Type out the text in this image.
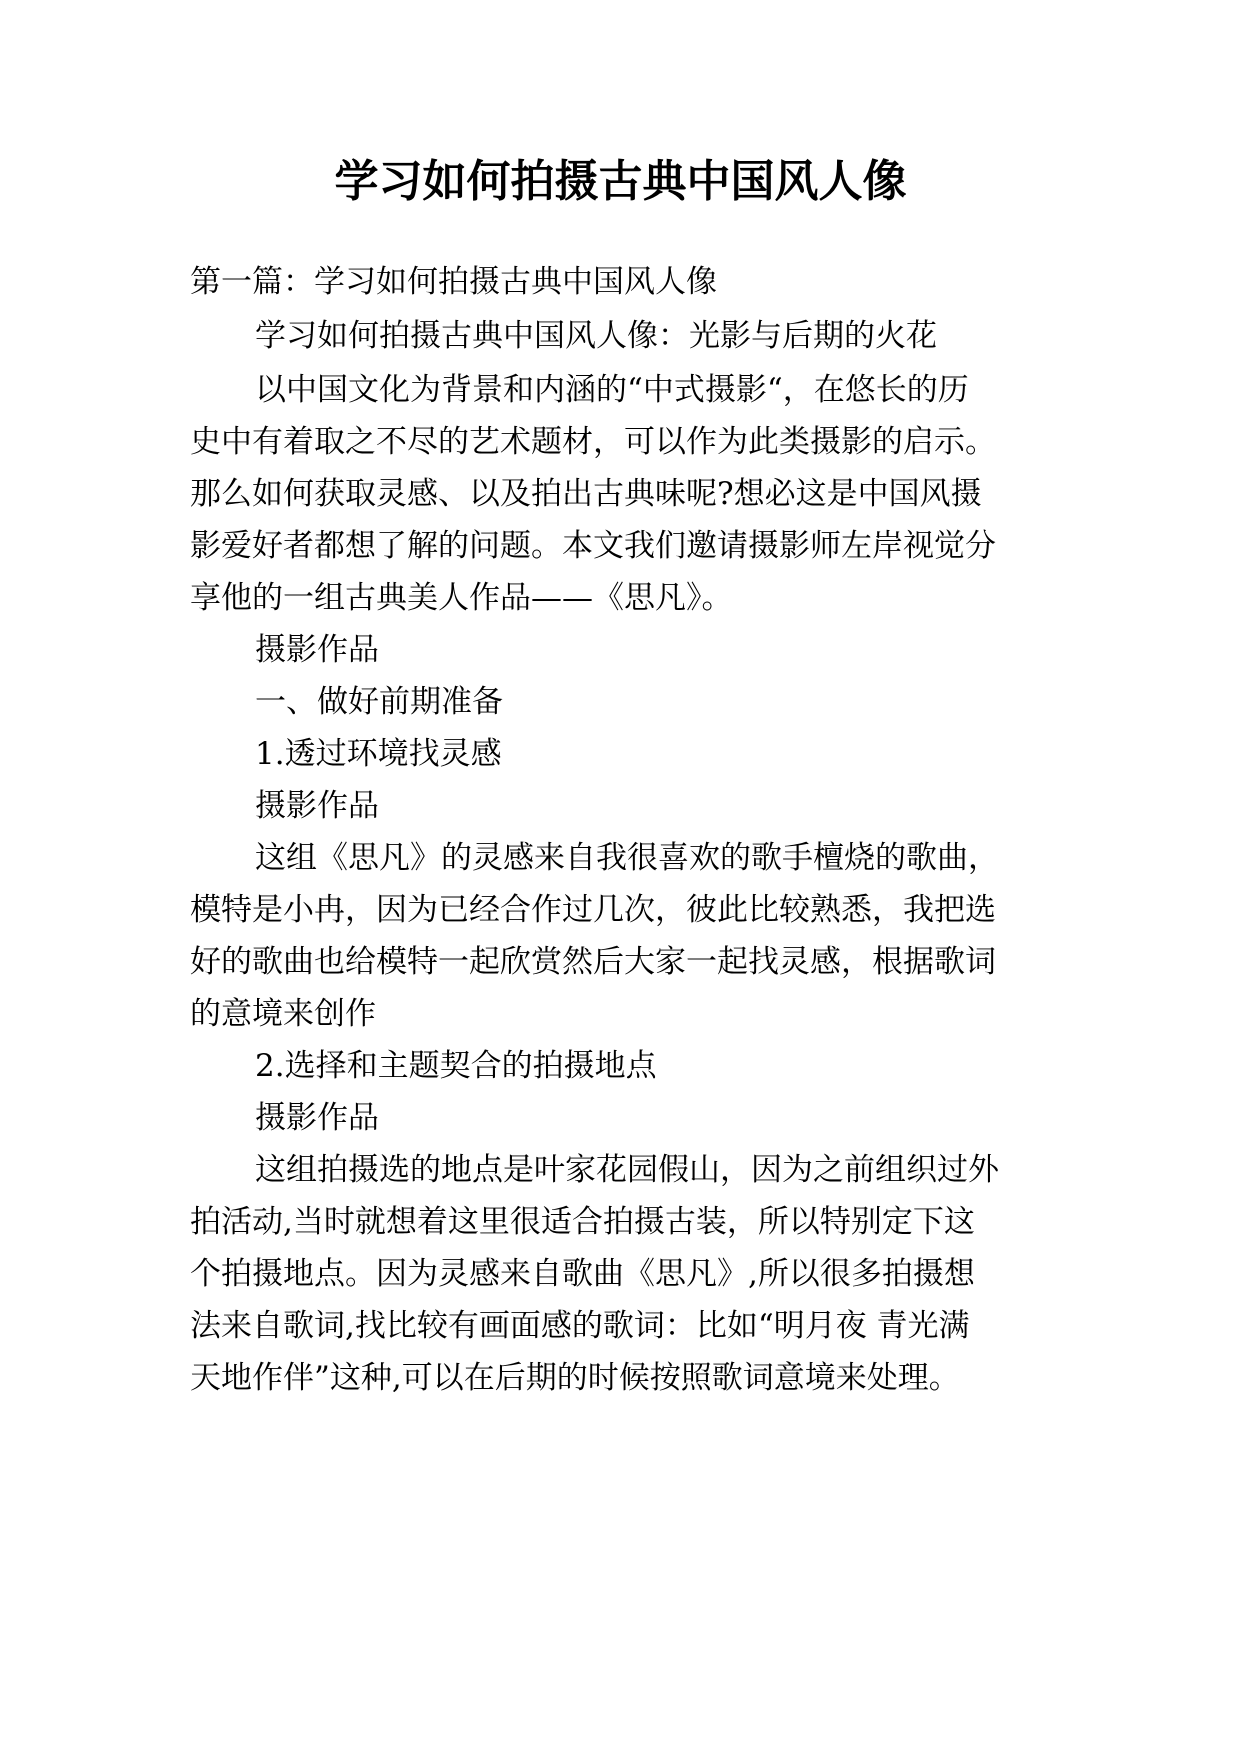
学习如何拍摄古典中国风人像

第一篇：学习如何拍摄古典中国风人像

学习如何拍摄古典中国风人像：光影与后期的火花

以中国文化为背景和内涵的“中式摄影“，在悠长的历

史中有着取之不尽的艺术题材，可以作为此类摄影的启示。

那么如何获取灵感、以及拍出古典味呢?想必这是中国风摄

影爱好者都想了解的问题。本文我们邀请摄影师左岸视觉分

享他的一组古典美人作品——《思凡》。

摄影作品

一、做好前期准备

1.透过环境找灵感

摄影作品

这组《思凡》的灵感来自我很喜欢的歌手檀烧的歌曲，

模特是小冉，因为已经合作过几次，彼此比较熟悉，我把选

好的歌曲也给模特一起欣赏然后大家一起找灵感，根据歌词

的意境来创作

2.选择和主题契合的拍摄地点

摄影作品

这组拍摄选的地点是叶家花园假山，因为之前组织过外

拍活动,当时就想着这里很适合拍摄古装，所以特别定下这

个拍摄地点。因为灵感来自歌曲《思凡》,所以很多拍摄想

法来自歌词,找比较有画面感的歌词：比如“明月夜 青光满

天地作伴”这种,可以在后期的时候按照歌词意境来处理。
